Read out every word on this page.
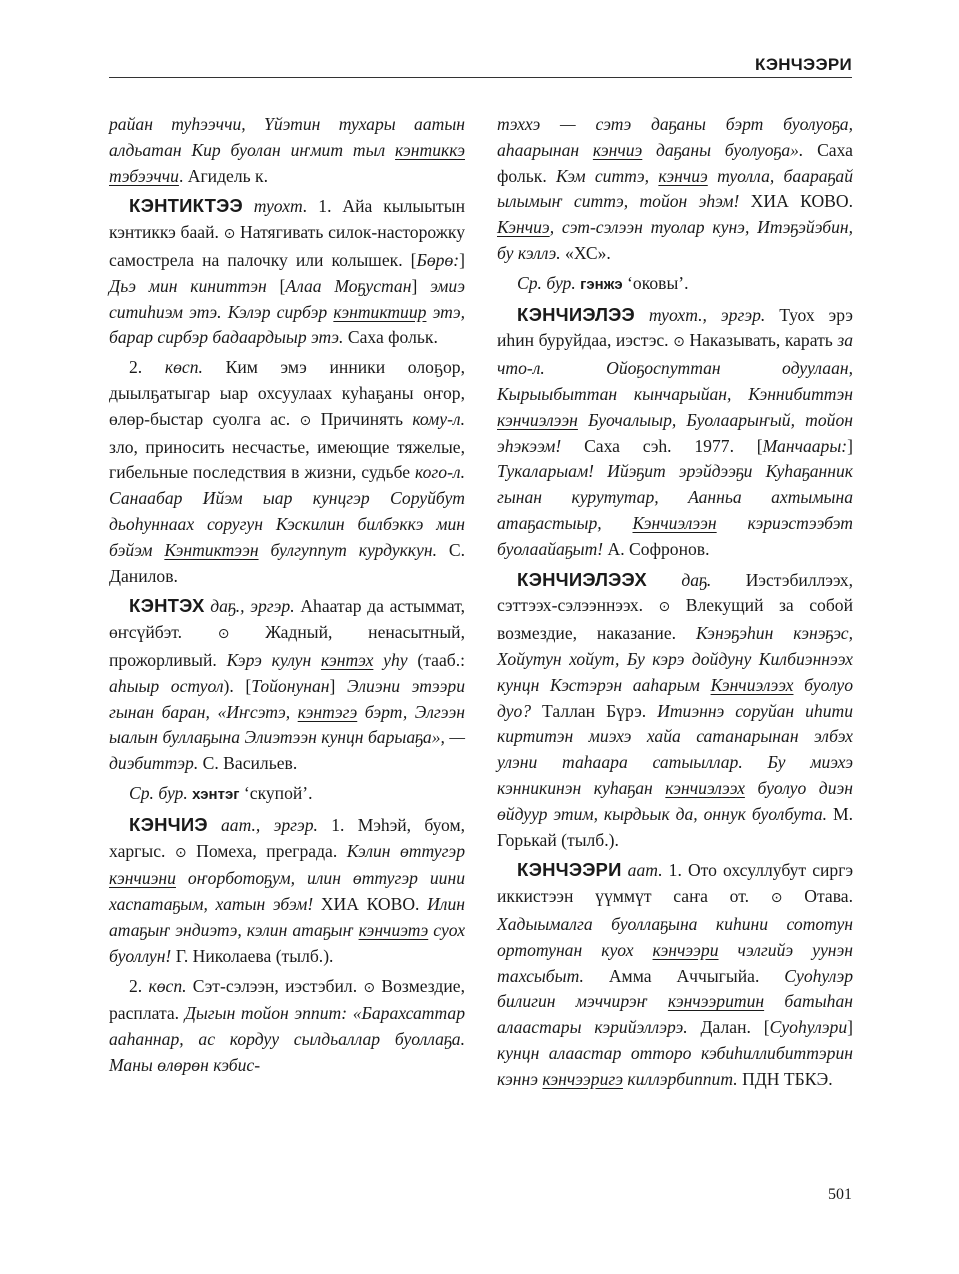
КЭНЧЭЭРИ

райан туһээччи, Үйэтин тухары аатын алдьатан Кир буолан иҥмит тыл кэнтиккэ тэбээччи. Агидель к.

КЭНТИКТЭЭ туохт. 1. Айа кылыытын кэнтиккэ баай. ⊙ Натягивать силок-насторожку самострела на палочку или колышек. [Бөрө:] Дьэ мин киниттэн [Алаа Моҕустан] эмиэ ситиһиэм этэ. Кэлэр сирбэр кэнтиктиир этэ, барар сирбэр бадаардыыр этэ. Саха фольк.

2. көсп. Ким эмэ инники олоҕор, дыылҕатыгар ыар охсуулаах куһаҕаны оҥор, өлөр-быстар суолга ас. ⊙ Причинять кому-л. зло, приносить несчастье, имеющие тяжелые, гибельные последствия в жизни, судьбе кого-л. Санаабар Ийэм ыар кунцгэр Соруйбут дьоһуннаах соругун Кэскилин билбэккэ мин бэйэм Кэнтиктээн булгуппут курдуккун. С. Данилов.

КЭНТЭХ даҕ., эргэр. Аһаатар да астыммат, өҥсүйбэт. ⊙ Жадный, ненасытный, прожорливый. Кэрэ кулун кэнтэх уһу (тааб.: аһыыр остуол). [Тойонунан] Элиэни этээри гынан баран, «Иҥсэтэ, кэнтэгэ бэрт, Элгээн ыалын буллаҕына Элиэтээн кунцн барыаҕа», — диэбиттэр. С. Васильев.

Ср. бур. хэнтэг ‘скупой’.

КЭНЧИЭ аат., эргэр. 1. Мэһэй, буом, харгыс. ⊙ Помеха, преграда. Кэлин өттугэр кэнчиэни оҥорботоҕум, илин өттугэр иини хаспатаҕым, хатын эбэм! ХИА КОВО. Илин атаҕыҥ эндиэтэ, кэлин атаҕыҥ кэнчиэтэ суох буоллун! Г. Николаева (тылб.).

2. көсп. Сэт-сэлээн, иэстэбил. ⊙ Возмездие, расплата. Дыгын тойон эппит: «Барахсаттар ааһаннар, ас кордуу сылдьаллар буоллаҕа. Маны өлөрөн кэбис-

тэххэ — сэтэ даҕаны бэрт буолуоҕа, аһаарынан кэнчиэ даҕаны буолуоҕа». Саха фольк. Кэм ситтэ, кэнчиэ туолла, баараҕай ылымыҥ ситтэ, тойон эһэм! ХИА КОВО. Кэнчиэ, сэт-сэлээн туолар кунэ, Итэҕэйэбин, бу кэллэ. «ХС».

Ср. бур. гэнжэ ‘оковы’.

КЭНЧИЭЛЭЭ туохт., эргэр. Туох эрэ иһин буруйдаа, иэстэс. ⊙ Наказывать, карать за что-л. Ойоҕоспуттан одуулаан, Кырыыбыттан кынчарыйан, Кэннибиттэн кэнчиэлээн Буочалыыр, Буолаарыҥый, тойон эһэкээм! Саха сэһ. 1977. [Манчаары:] Тукаларыам! Ийэҕит эрэйдээҕи Куһаҕанник гынан курутутар, Аанньа ахтымына атаҕастыыр, Кэнчиэлээн кэриэстээбэт буолаайаҕыт! А. Софронов.

КЭНЧИЭЛЭЭХ даҕ. Иэстэбиллээх, сэттээх-сэлээннээх. ⊙ Влекущий за собой возмездие, наказание. Кэнэҕэһин кэнэҕэс, Хойутун хойут, Бу кэрэ дойдуну Килбиэннээх кунцн Кэстэрэн ааһарым Кэнчиэлээх буолуо дуо? Таллан Бүрэ. Итиэннэ соруйан иһити киртитэн миэхэ хайа сатанарынан элбэх улэни таһаара сатыыллар. Бу миэхэ кэнникинэн куһаҕан кэнчиэлээх буолуо диэн өйдуур этим, кырдьык да, оннук буолбута. М. Горькай (тылб.).

КЭНЧЭЭРИ аат. 1. Ото охсуллубут сиргэ иккистээн үүммүт саҥа от. ⊙ Отава. Хадыымалга буоллаҕына киһини сототун ортотунан куох кэнчээри чэлгийэ уунэн тахсыбыт. Амма Аччыгыйа. Суоһулэр билигин мэччирэҥ кэнчээритин батыһан алаастары кэрийэллэрэ. Далан. [Суоһулэри] кунцн алаастар отторо кэбиһиллибиттэрин кэннэ кэнчээригэ киллэрбиппит. ПДН ТБКЭ.

501
